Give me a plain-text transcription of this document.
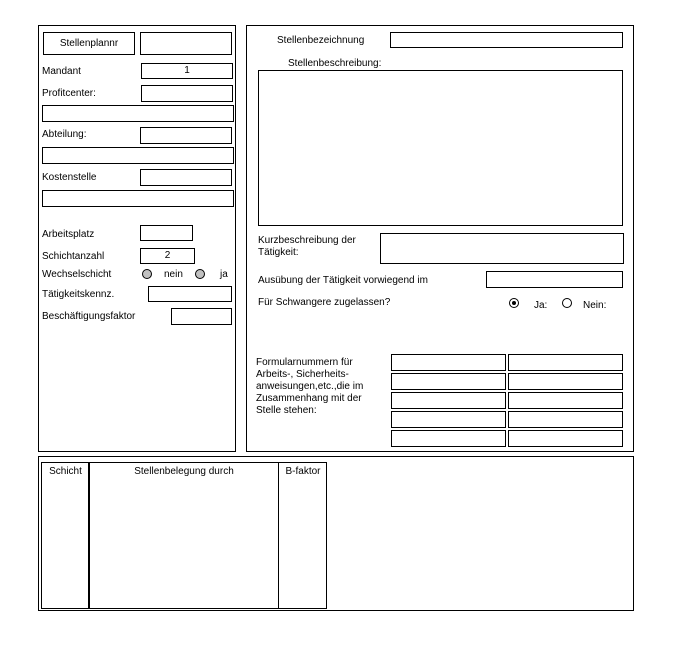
Stellenplannr
Mandant	1
Profitcenter:
Abteilung:
Kostenstelle
Arbeitsplatz
Schichtanzahl	2
Wechselschicht	nein	ja
Tätigkeitskennz.
Beschäftigungsfaktor
Stellenbezeichnung
Stellenbeschreibung:
Kurzbeschreibung der Tätigkeit:
Ausübung der Tätigkeit vorwiegend im
Für Schwangere zugelassen?	Ja:	Nein:
Formularnummern für Arbeits-, Sicherheits-anweisungen,etc.,die im Zusammenhang mit der Stelle stehen:
Schicht	Stellenbelegung durch	B-faktor
